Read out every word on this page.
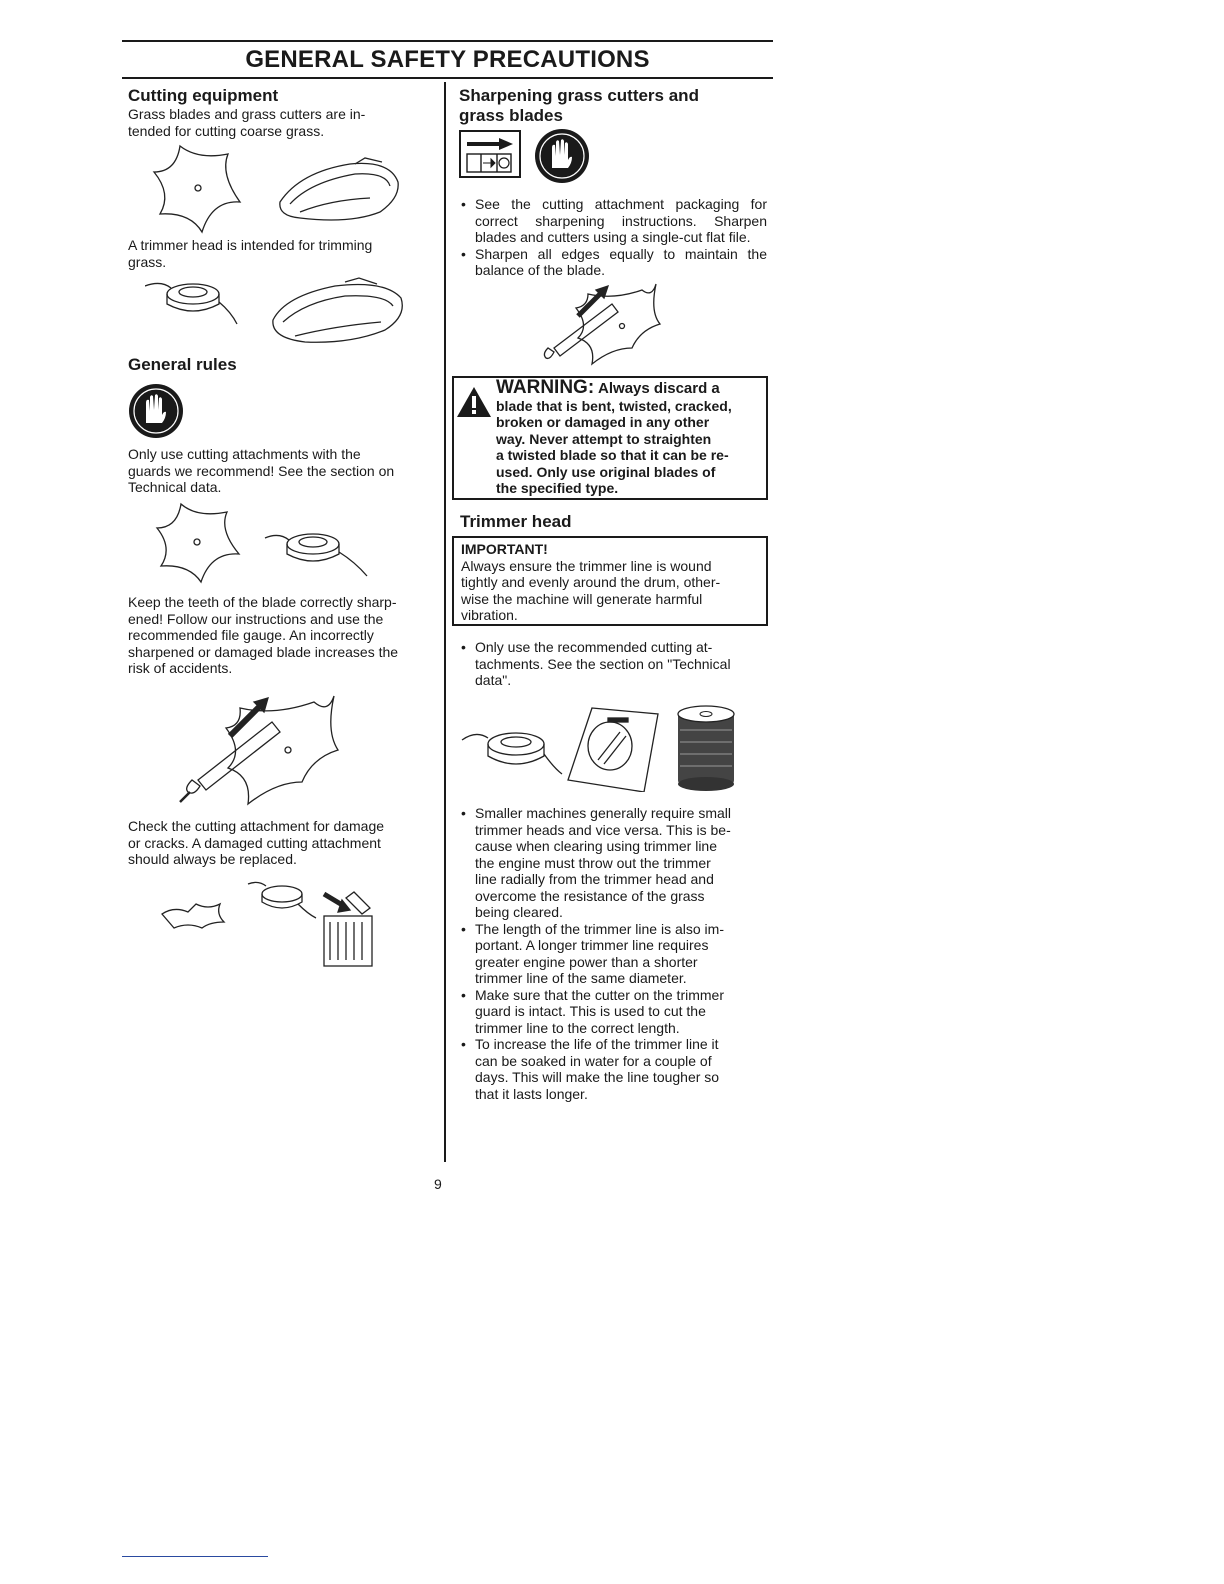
GENERAL SAFETY PRECAUTIONS
Cutting equipment

Grass blades and grass cutters are in-
tended for cutting coarse grass.

A trimmer head is intended for trimming
grass.

General rules

Only use cutting attachments with the
guards we recommend! See the section on
Technical data.

Keep the teeth of the blade correctly sharp-
ened! Follow our instructions and use the
recommended file gauge. An incorrectly
sharpened or damaged blade increases the
risk of accidents.

Check the cutting attachment for damage
or cracks. A damaged cutting attachment
should always be replaced.

Sharpening grass cutters and
grass blades
• See the cutting attachment packaging for correct sharpening instructions. Sharpen blades and cutters using a single-cut flat file.
• Sharpen all edges equally to maintain the balance of the blade.
WARNING: Always discard a
blade that is bent, twisted, cracked,
broken or damaged in any other
way. Never attempt to straighten
a twisted blade so that it can be re-
used. Only use original blades of
the specified type.
Trimmer head
IMPORTANT!

Always ensure the trimmer line is wound
tightly and evenly around the drum, other-
wise the machine will generate harmful
vibration.

• Only use the recommended cutting at-
tachments. See the section on "Technical
data".
• Smaller machines generally require small
trimmer heads and vice versa. This is be-
cause when clearing using trimmer line
the engine must throw out the trimmer
line radially from the trimmer head and
overcome the resistance of the grass
being cleared.
• The length of the trimmer line is also im-
portant. A longer trimmer line requires
greater engine power than a shorter
trimmer line of the same diameter.
• Make sure that the cutter on the trimmer
guard is intact. This is used to cut the
trimmer line to the correct length.
• To increase the life of the trimmer line it
can be soaked in water for a couple of
days. This will make the line tougher so
that it lasts longer.
9
